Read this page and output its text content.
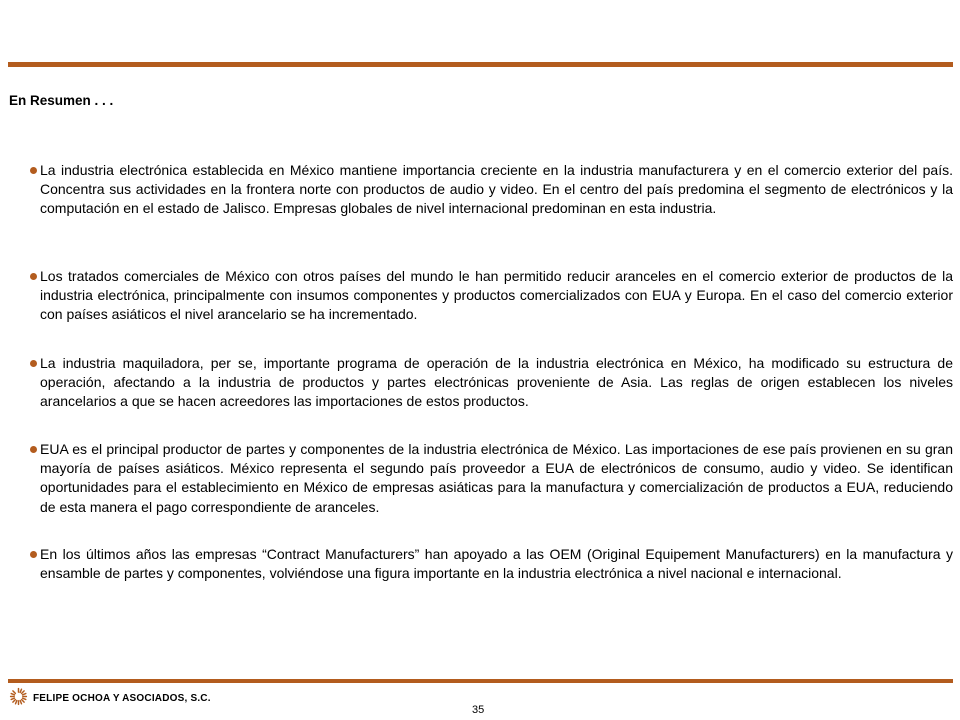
En Resumen . . .
La industria electrónica establecida en México mantiene importancia creciente en la industria manufacturera y en el comercio exterior del país. Concentra sus actividades en la frontera norte con productos de audio y video. En el centro del país predomina el segmento de electrónicos y la computación en el estado de Jalisco. Empresas globales de nivel internacional predominan en esta industria.
Los tratados comerciales de México con otros países del mundo le han permitido reducir aranceles en el comercio exterior de productos de la industria electrónica, principalmente con insumos componentes y productos comercializados con EUA y Europa. En el caso del comercio exterior con países asiáticos el nivel arancelario se ha incrementado.
La industria maquiladora, per se, importante programa de operación de la industria electrónica en México, ha modificado su estructura de operación, afectando a la industria de productos y partes electrónicas proveniente de Asia. Las reglas de origen establecen los niveles arancelarios a que se hacen acreedores las importaciones de estos productos.
EUA es el principal productor de partes y componentes de la industria electrónica de México. Las importaciones de ese país provienen en su gran mayoría de países asiáticos. México representa el segundo país proveedor a EUA de electrónicos de consumo, audio y video. Se identifican oportunidades para el establecimiento en México de empresas asiáticas para la manufactura y comercialización de productos a EUA, reduciendo de esta manera el pago correspondiente de aranceles.
En los últimos años las empresas “Contract Manufacturers” han apoyado a las OEM (Original Equipement Manufacturers) en la manufactura y ensamble de partes y componentes, volviéndose una figura importante en la industria electrónica a nivel nacional e internacional.
FELIPE OCHOA Y ASOCIADOS, S.C.
35
